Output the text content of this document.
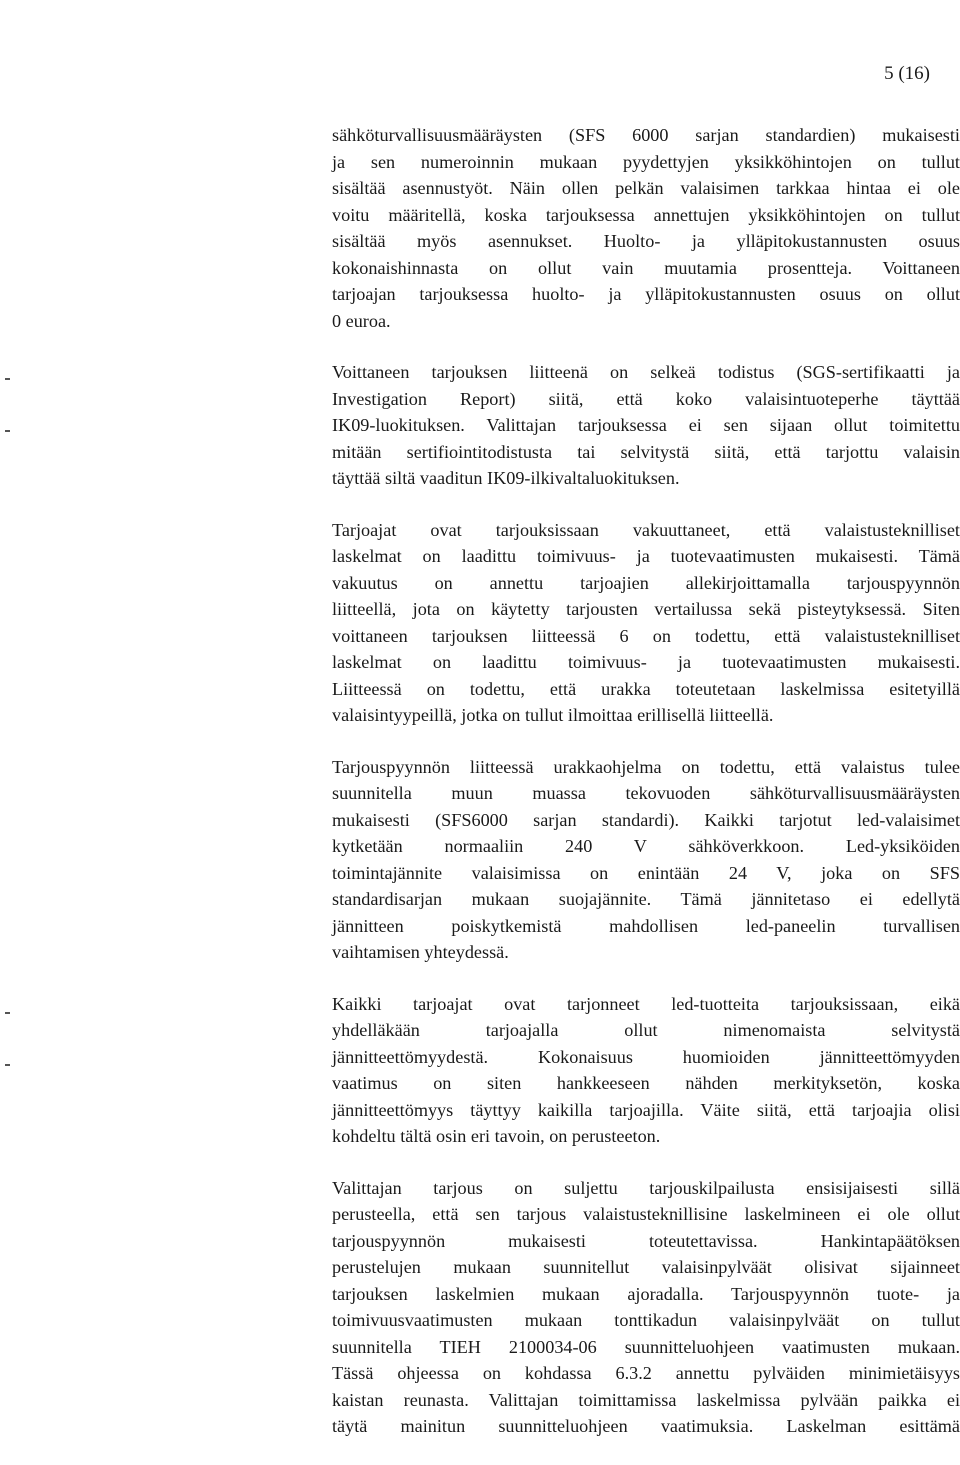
5 (16)
sähköturvallisuusmääräysten (SFS 6000 sarjan standardien) mukaisesti
ja sen numeroinnin mukaan pyydettyjen yksikköhintojen on tullut
sisältää asennustyöt. Näin ollen pelkän valaisimen tarkkaa hintaa ei ole
voitu määritellä, koska tarjouksessa annettujen yksikköhintojen on tullut
sisältää myös asennukset. Huolto- ja ylläpitokustannusten osuus
kokonaishinnasta on ollut vain muutamia prosentteja. Voittaneen
tarjoajan tarjouksessa huolto- ja ylläpitokustannusten osuus on ollut
0 euroa.
Voittaneen tarjouksen liitteenä on selkeä todistus (SGS-sertifikaatti ja
Investigation Report) siitä, että koko valaisintuoteperhe täyttää
IK09-luokituksen. Valittajan tarjouksessa ei sen sijaan ollut toimitettu
mitään sertifiointitodistusta tai selvitystä siitä, että tarjottu valaisin
täyttää siltä vaaditun IK09-ilkivaltaluokituksen.
Tarjoajat ovat tarjouksissaan vakuuttaneet, että valaistusteknilliset
laskelmat on laadittu toimivuus- ja tuotevaatimusten mukaisesti. Tämä
vakuutus on annettu tarjoajien allekirjoittamalla tarjouspyynnön
liitteellä, jota on käytetty tarjousten vertailussa sekä pisteytyksessä. Siten
voittaneen tarjouksen liitteessä 6 on todettu, että valaistusteknilliset
laskelmat on laadittu toimivuus- ja tuotevaatimusten mukaisesti.
Liitteessä on todettu, että urakka toteutetaan laskelmissa esitetyillä
valaisintyypeillä, jotka on tullut ilmoittaa erillisellä liitteellä.
Tarjouspyynnön liitteessä urakkaohjelma on todettu, että valaistus tulee
suunnitella muun muassa tekovuoden sähköturvallisuusmääräysten
mukaisesti (SFS6000 sarjan standardi). Kaikki tarjotut led-valaisimet
kytketään normaaliin 240 V sähköverkkoon. Led-yksiköiden
toimintajännite valaisimissa on enintään 24 V, joka on SFS
standardisarjan mukaan suojajännite. Tämä jännitetaso ei edellytä
jännitteen poiskytkemistä mahdollisen led-paneelin turvallisen
vaihtamisen yhteydessä.
Kaikki tarjoajat ovat tarjonneet led-tuotteita tarjouksissaan, eikä
yhdelläkään tarjoajalla ollut nimenomaista selvitystä
jännitteettömyydestä. Kokonaisuus huomioiden jännitteettömyyden
vaatimus on siten hankkeeseen nähden merkityksetön, koska
jännitteettömyys täyttyy kaikilla tarjoajilla. Väite siitä, että tarjoajia olisi
kohdeltu tältä osin eri tavoin, on perusteeton.
Valittajan tarjous on suljettu tarjouskilpailusta ensisijaisesti sillä
perusteella, että sen tarjous valaistusteknillisine laskelmineen ei ole ollut
tarjouspyynnön mukaisesti toteutettavissa. Hankintapäätöksen
perustelujen mukaan suunnitellut valaisinpylväät olisivat sijainneet
tarjouksen laskelmien mukaan ajoradalla. Tarjouspyynnön tuote- ja
toimivuusvaatimusten mukaan tonttikadun valaisinpylväät on tullut
suunnitella TIEH 2100034-06 suunnitteluohjeen vaatimusten mukaan.
Tässä ohjeessa on kohdassa 6.3.2 annettu pylväiden minimietäisyys
kaistan reunasta. Valittajan toimittamissa laskelmissa pylvään paikka ei
täytä mainitun suunnitteluohjeen vaatimuksia. Laskelman esittämä
